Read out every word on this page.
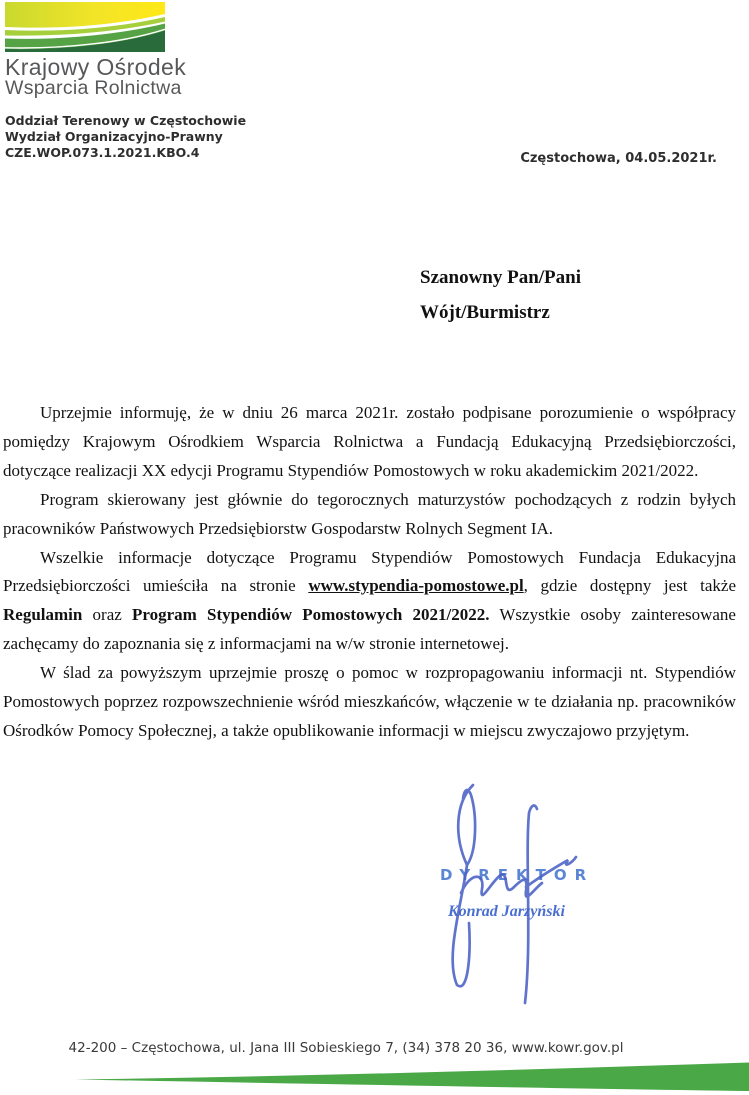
Krajowy Ośrodek
Wsparcia Rolnictwa
Oddział Terenowy w Częstochowie
Wydział Organizacyjno-Prawny
CZE.WOP.073.1.2021.KBO.4	Częstochowa, 04.05.2021r.
Szanowny Pan/Pani
Wójt/Burmistrz

Uprzejmie informuję, że w dniu 26 marca 2021r. zostało podpisane porozumienie o współpracy pomiędzy Krajowym Ośrodkiem Wsparcia Rolnictwa a Fundacją Edukacyjną Przedsiębiorczości, dotyczące realizacji XX edycji Programu Stypendiów Pomostowych w roku akademickim 2021/2022.

Program skierowany jest głównie do tegorocznych maturzystów pochodzących z rodzin byłych pracowników Państwowych Przedsiębiorstw Gospodarstw Rolnych Segment IA.

Wszelkie informacje dotyczące Programu Stypendiów Pomostowych Fundacja Edukacyjna Przedsiębiorczości umieściła na stronie www.stypendia-pomostowe.pl, gdzie dostępny jest także Regulamin oraz Program Stypendiów Pomostowych 2021/2022. Wszystkie osoby zainteresowane zachęcamy do zapoznania się z informacjami na w/w stronie internetowej.

W ślad za powyższym uprzejmie proszę o pomoc w rozpropagowaniu informacji nt. Stypendiów Pomostowych poprzez rozpowszechnienie wśród mieszkańców, włączenie w te działania np. pracowników Ośrodków Pomocy Społecznej, a także opublikowanie informacji w miejscu zwyczajowo przyjętym.

DYREKTOR
Konrad Jarzyński
42-200 – Częstochowa, ul. Jana III Sobieskiego 7, (34) 378 20 36, www.kowr.gov.pl
